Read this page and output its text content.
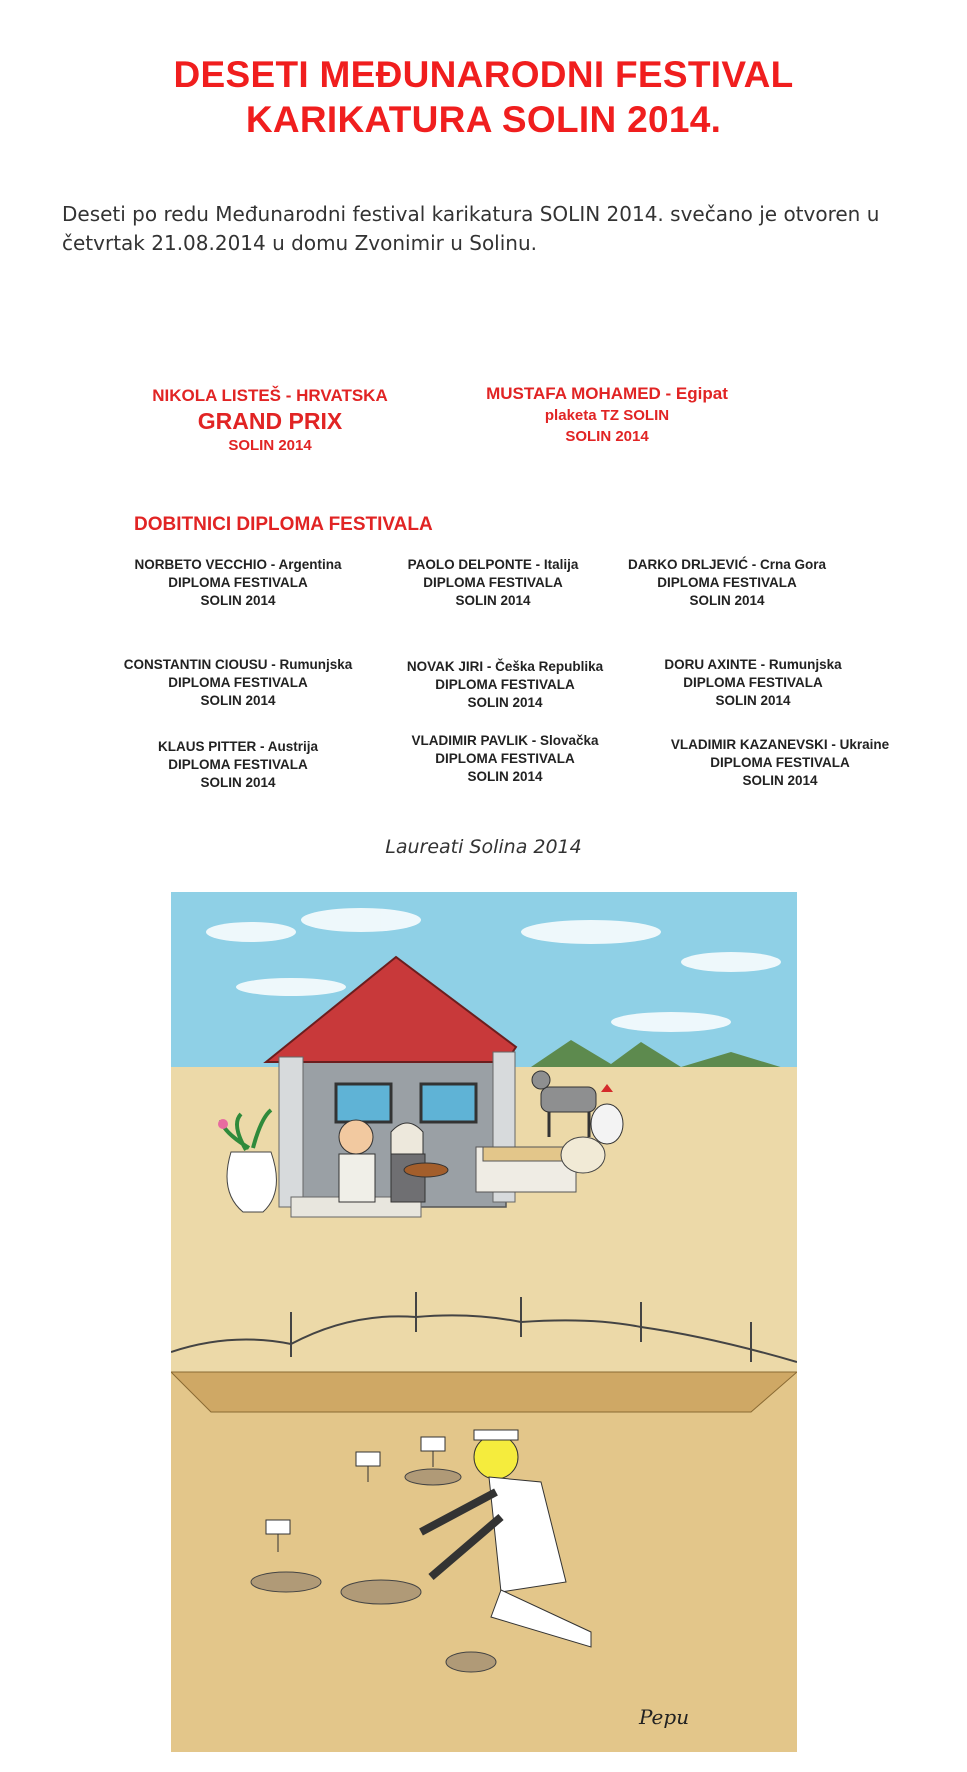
DESETI MEĐUNARODNI FESTIVAL
KARIKATURA SOLIN 2014.
Deseti po redu Međunarodni festival karikatura SOLIN 2014. svečano je otvoren u četvrtak 21.08.2014 u domu Zvonimir u Solinu.
NIKOLA LISTEŠ - HRVATSKA
GRAND PRIX
SOLIN 2014
MUSTAFA MOHAMED - Egipat
plaketa TZ SOLIN
SOLIN 2014
DOBITNICI DIPLOMA FESTIVALA
NORBETO VECCHIO - Argentina
DIPLOMA FESTIVALA
SOLIN 2014
PAOLO DELPONTE - Italija
DIPLOMA FESTIVALA
SOLIN 2014
DARKO DRLJEVIĆ - Crna Gora
DIPLOMA FESTIVALA
SOLIN 2014
CONSTANTIN CIOUSU - Rumunjska
DIPLOMA FESTIVALA
SOLIN 2014
NOVAK JIRI - Češka Republika
DIPLOMA FESTIVALA
SOLIN 2014
DORU AXINTE - Rumunjska
DIPLOMA FESTIVALA
SOLIN 2014
KLAUS PITTER - Austrija
DIPLOMA FESTIVALA
SOLIN 2014
VLADIMIR PAVLIK - Slovačka
DIPLOMA FESTIVALA
SOLIN 2014
VLADIMIR KAZANEVSKI - Ukraine
DIPLOMA FESTIVALA
SOLIN 2014
Laureati Solina 2014
Pepu
